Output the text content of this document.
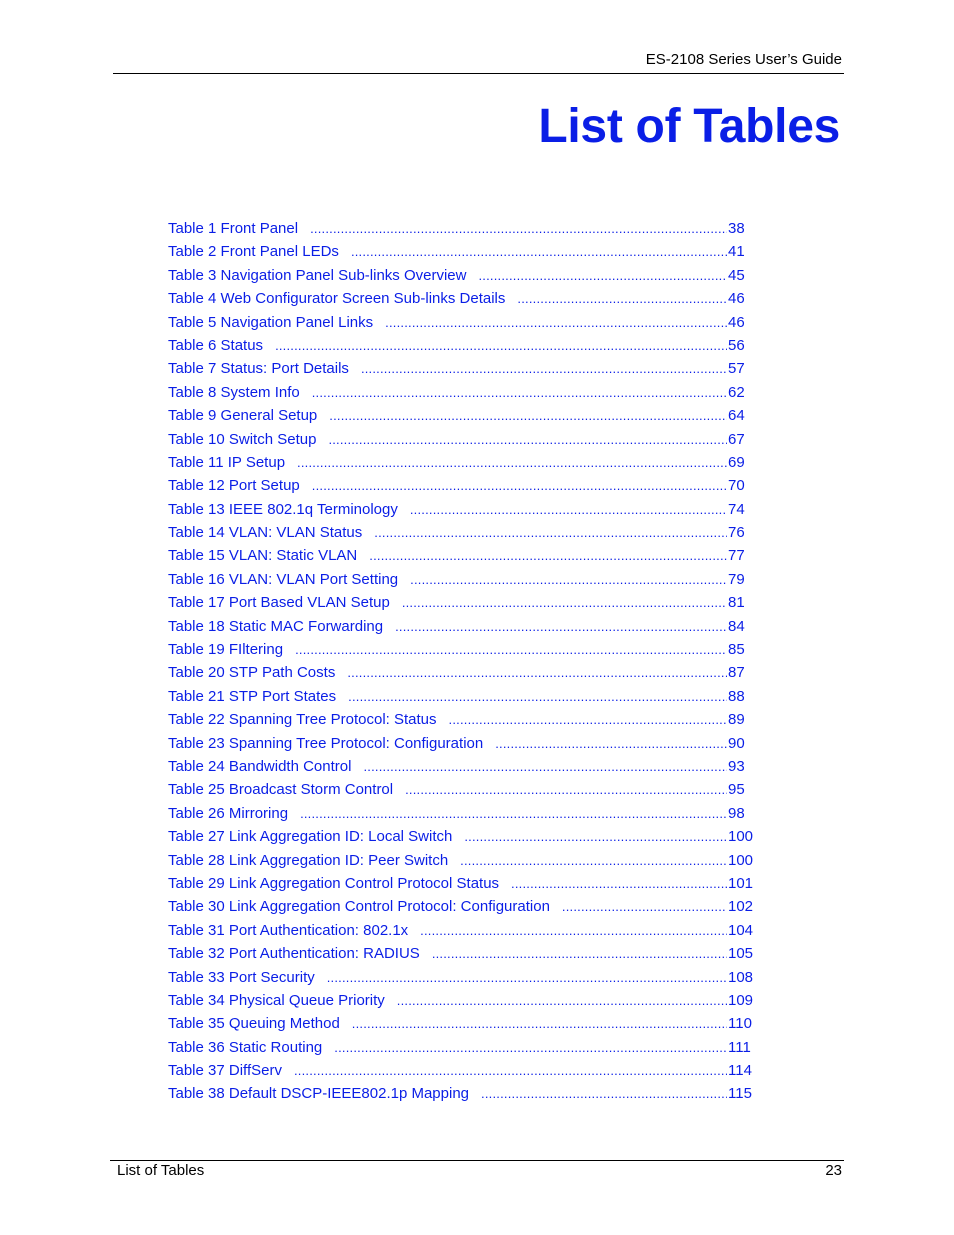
ES-2108 Series User’s Guide
List of Tables
Table 1 Front Panel .....	38
Table 2 Front Panel LEDs .....	41
Table 3 Navigation Panel Sub-links Overview .....	45
Table 4 Web Configurator Screen Sub-links Details .....	46
Table 5 Navigation Panel Links .....	46
Table 6 Status .....	56
Table 7 Status: Port Details .....	57
Table 8 System Info .....	62
Table 9 General Setup .....	64
Table 10 Switch Setup .....	67
Table 11 IP Setup .....	69
Table 12 Port Setup .....	70
Table 13 IEEE 802.1q Terminology .....	74
Table 14 VLAN: VLAN Status .....	76
Table 15 VLAN: Static VLAN .....	77
Table 16 VLAN: VLAN Port Setting .....	79
Table 17 Port Based VLAN Setup .....	81
Table 18 Static MAC Forwarding .....	84
Table 19 FIltering .....	85
Table 20 STP Path Costs .....	87
Table 21 STP Port States .....	88
Table 22 Spanning Tree Protocol: Status .....	89
Table 23 Spanning Tree Protocol: Configuration .....	90
Table 24 Bandwidth Control .....	93
Table 25 Broadcast Storm Control .....	95
Table 26 Mirroring .....	98
Table 27 Link Aggregation ID: Local Switch .....	100
Table 28 Link Aggregation ID: Peer Switch .....	100
Table 29 Link Aggregation Control Protocol Status .....	101
Table 30 Link Aggregation Control Protocol: Configuration .....	102
Table 31 Port Authentication: 802.1x .....	104
Table 32 Port Authentication: RADIUS .....	105
Table 33 Port Security .....	108
Table 34 Physical Queue Priority .....	109
Table 35 Queuing Method .....	110
Table 36 Static Routing .....	111
Table 37 DiffServ .....	114
Table 38 Default DSCP-IEEE802.1p Mapping .....	115
List of Tables	23
